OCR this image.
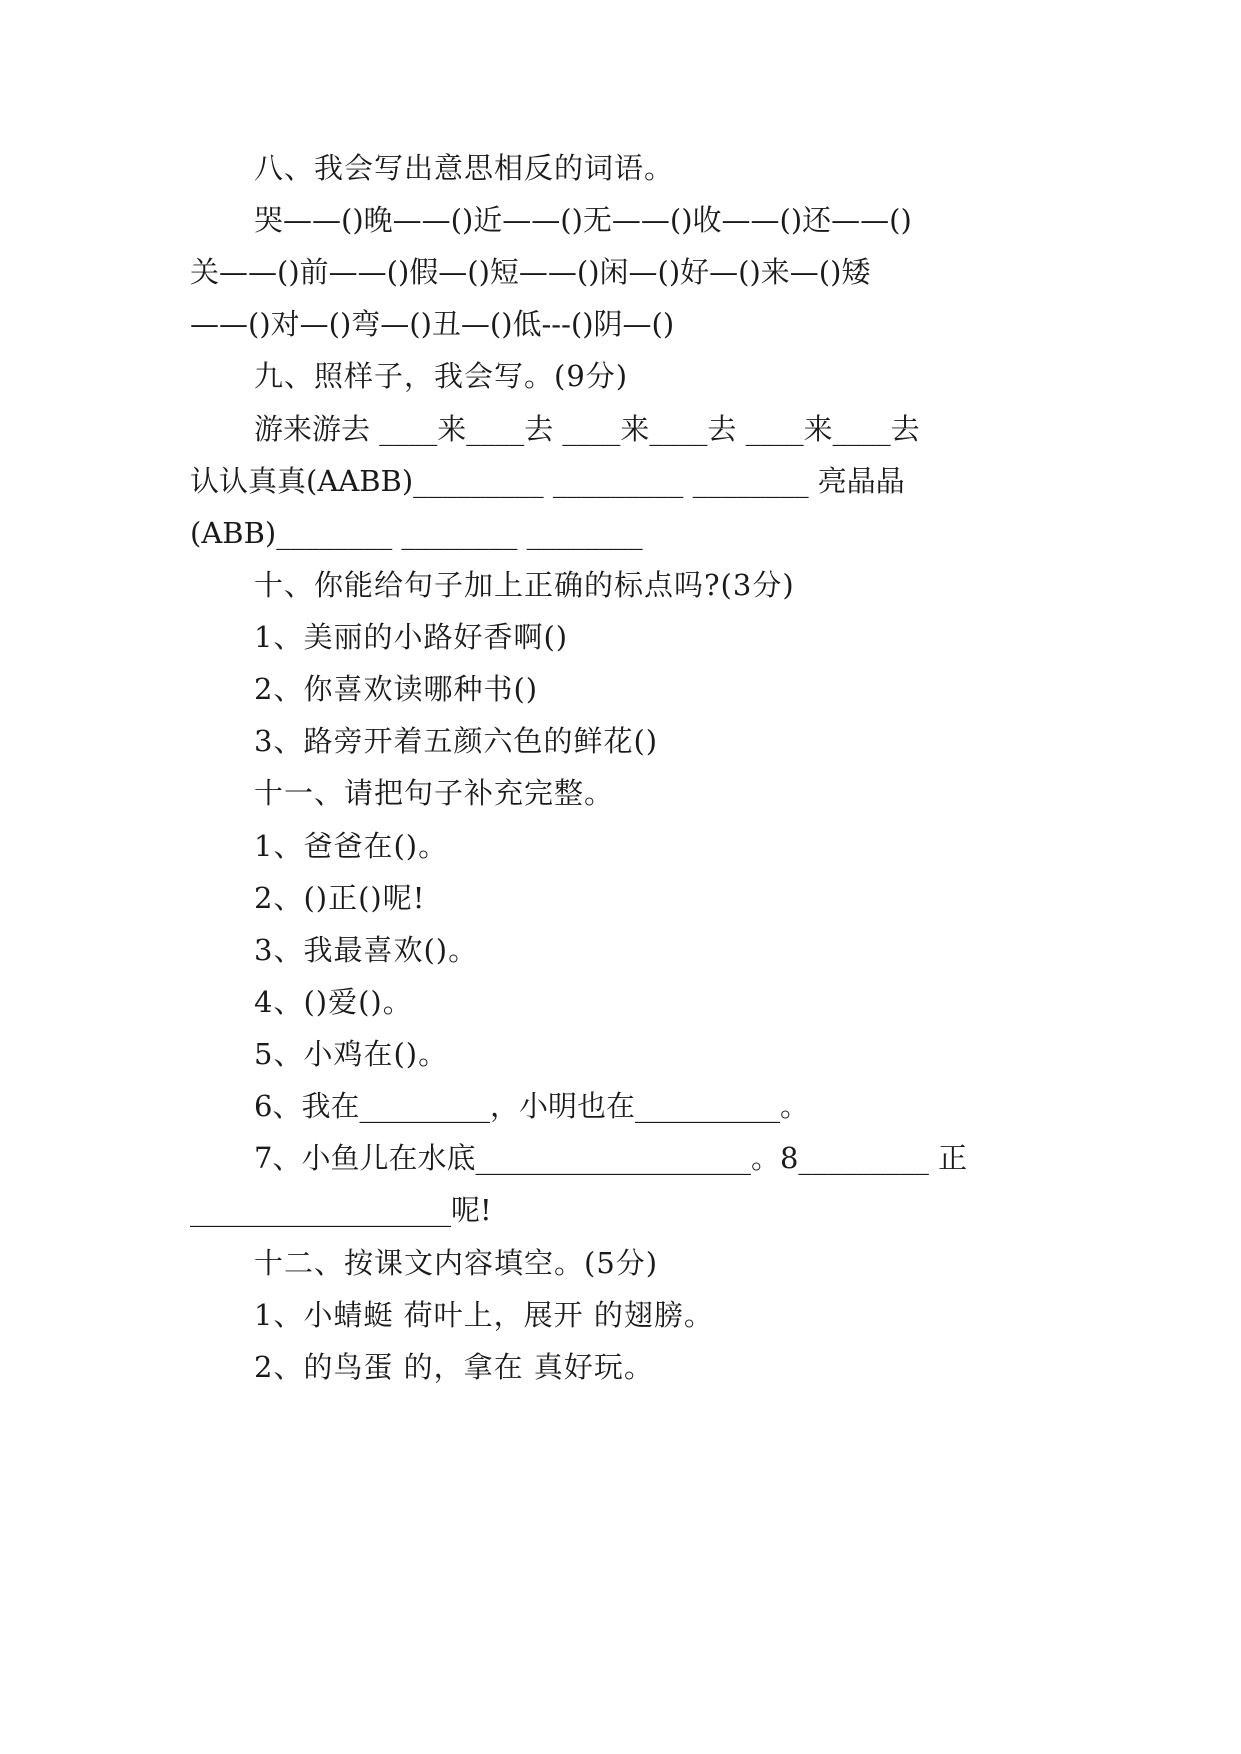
八、我会写出意思相反的词语。
哭——()晚——()近——()无——()收——()还——()
关——()前——()假—()短——()闲—()好—()来—()矮
——()对—()弯—()丑—()低---()阴—()
九、照样子，我会写。(9分)
游来游去 ____来____去 ____来____去 ____来____去
认认真真(AABB)_________ _________ ________ 亮晶晶
(ABB)________ ________ ________
十、你能给句子加上正确的标点吗?(3分)
1、美丽的小路好香啊()
2、你喜欢读哪种书()
3、路旁开着五颜六色的鲜花()
十一、请把句子补充完整。
1、爸爸在()。
2、()正()呢!
3、我最喜欢()。
4、()爱()。
5、小鸡在()。
6、我在_________，小明也在__________。
7、小鱼儿在水底___________________。8_________ 正
__________________呢!
十二、按课文内容填空。(5分)
1、小蜻蜓 荷叶上，展开 的翅膀。
2、的鸟蛋 的，拿在 真好玩。
